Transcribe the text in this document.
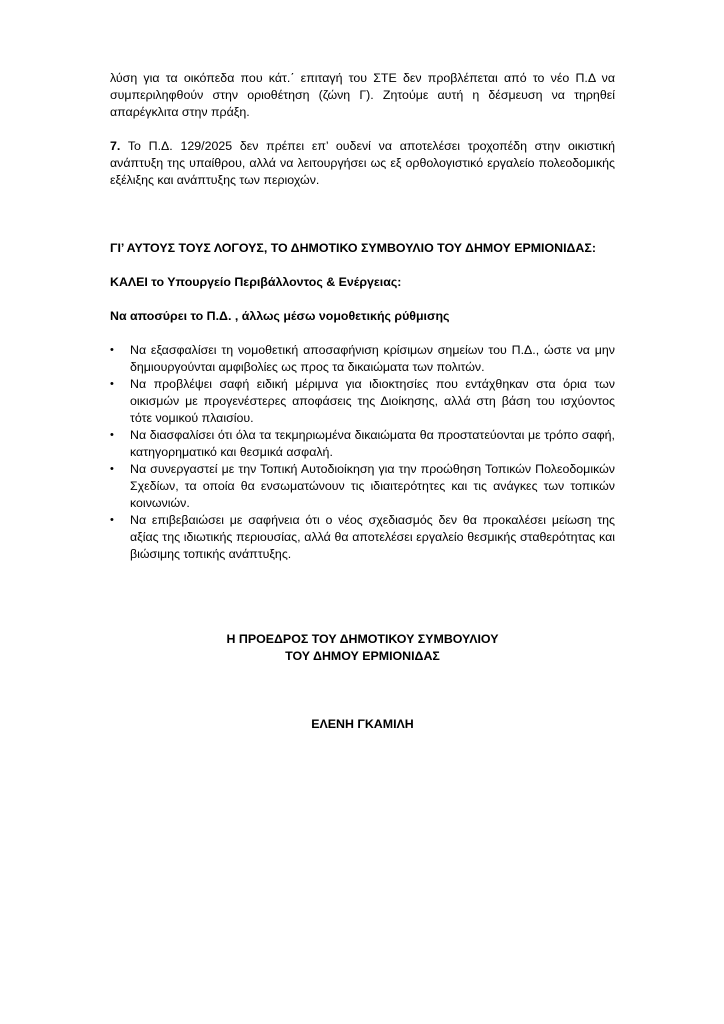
λύση για τα οικόπεδα που κάτ.΄ επιταγή του ΣΤΕ δεν προβλέπεται από το νέο Π.Δ να συμπεριληφθούν στην οριοθέτηση (ζώνη Γ). Ζητούμε αυτή η δέσμευση να τηρηθεί απαρέγκλιτα στην πράξη.

7. Το Π.Δ. 129/2025 δεν πρέπει επ’ ουδενί να αποτελέσει τροχοπέδη στην οικιστική ανάπτυξη της υπαίθρου, αλλά να λειτουργήσει ως εξ ορθολογιστικό εργαλείο πολεοδομικής εξέλιξης και ανάπτυξης των περιοχών.

ΓΙ’ ΑΥΤΟΥΣ ΤΟΥΣ ΛΟΓΟΥΣ, ΤΟ ΔΗΜΟΤΙΚΟ ΣΥΜΒΟΥΛΙΟ ΤΟΥ ΔΗΜΟΥ ΕΡΜΙΟΝΙΔΑΣ:

ΚΑΛΕΙ το Υπουργείο Περιβάλλοντος & Ενέργειας:

Να αποσύρει το Π.Δ. , άλλως μέσω νομοθετικής ρύθμισης

• Να εξασφαλίσει τη νομοθετική αποσαφήνιση κρίσιμων σημείων του Π.Δ., ώστε να μην δημιουργούνται αμφιβολίες ως προς τα δικαιώματα των πολιτών.
• Να προβλέψει σαφή ειδική μέριμνα για ιδιοκτησίες που εντάχθηκαν στα όρια των οικισμών με προγενέστερες αποφάσεις της Διοίκησης, αλλά στη βάση του ισχύοντος τότε νομικού πλαισίου.
• Να διασφαλίσει ότι όλα τα τεκμηριωμένα δικαιώματα θα προστατεύονται με τρόπο σαφή, κατηγορηματικό και θεσμικά ασφαλή.
• Να συνεργαστεί με την Τοπική Αυτοδιοίκηση για την προώθηση Τοπικών Πολεοδομικών Σχεδίων, τα οποία θα ενσωματώνουν τις ιδιαιτερότητες και τις ανάγκες των τοπικών κοινωνιών.
• Να επιβεβαιώσει με σαφήνεια ότι ο νέος σχεδιασμός δεν θα προκαλέσει μείωση της αξίας της ιδιωτικής περιουσίας, αλλά θα αποτελέσει εργαλείο θεσμικής σταθερότητας και βιώσιμης τοπικής ανάπτυξης.
Η ΠΡΟΕΔΡΟΣ ΤΟΥ ΔΗΜΟΤΙΚΟΥ ΣΥΜΒΟΥΛΙΟΥ
ΤΟΥ ΔΗΜΟΥ ΕΡΜΙΟΝΙΔΑΣ
ΕΛΕΝΗ ΓΚΑΜΙΛΗ
